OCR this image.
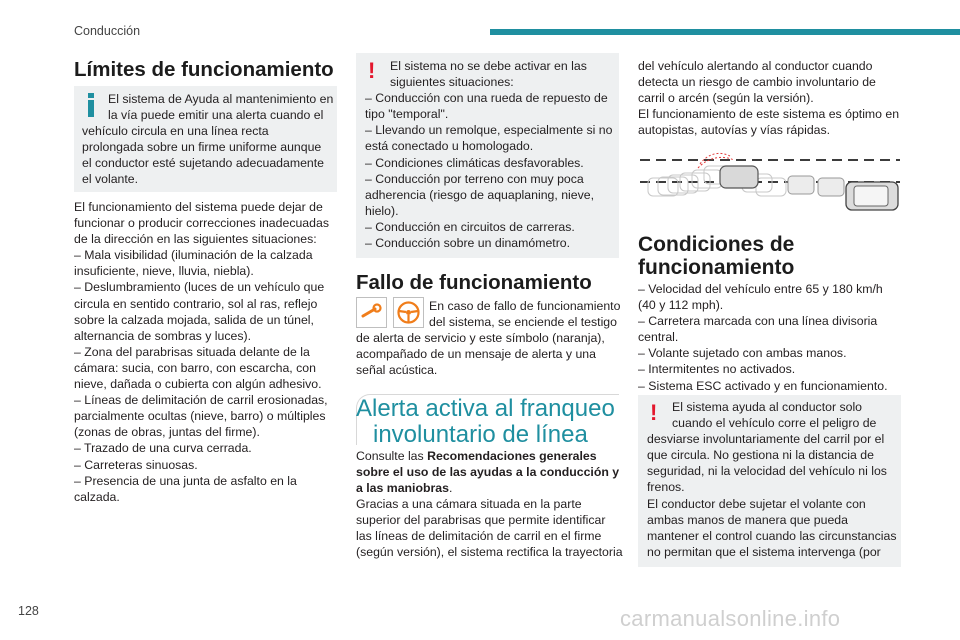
Conducción
Límites de funcionamiento
El sistema de Ayuda al mantenimiento en
la vía puede emitir una alerta cuando el
vehículo circula en una línea recta
prolongada sobre un firme uniforme aunque
el conductor esté sujetando adecuadamente
el volante.
El funcionamiento del sistema puede dejar de
funcionar o producir correcciones inadecuadas
de la dirección en las siguientes situaciones:
– Mala visibilidad (iluminación de la calzada
insuficiente, nieve, lluvia, niebla).
– Deslumbramiento (luces de un vehículo que
circula en sentido contrario, sol al ras, reflejo
sobre la calzada mojada, salida de un túnel,
alternancia de sombras y luces).
– Zona del parabrisas situada delante de la
cámara: sucia, con barro, con escarcha, con
nieve, dañada o cubierta con algún adhesivo.
– Líneas de delimitación de carril erosionadas,
parcialmente ocultas (nieve, barro) o múltiples
(zonas de obras, juntas del firme).
– Trazado de una curva cerrada.
– Carreteras sinuosas.
– Presencia de una junta de asfalto en la
calzada.
!	El sistema no se debe activar en las
siguientes situaciones:
– Conducción con una rueda de repuesto de
tipo "temporal".
– Llevando un remolque, especialmente si no
está conectado u homologado.
– Condiciones climáticas desfavorables.
– Conducción por terreno con muy poca
adherencia (riesgo de aquaplaning, nieve,
hielo).
– Conducción en circuitos de carreras.
– Conducción sobre un dinamómetro.
Fallo de funcionamiento
En caso de fallo de funcionamiento
del sistema, se enciende el testigo
de alerta de servicio y este símbolo (naranja),
acompañado de un mensaje de alerta y una
señal acústica.
Alerta activa al franqueo
involuntario de línea
Consulte las Recomendaciones generales
sobre el uso de las ayudas a la conducción y
a las maniobras.
Gracias a una cámara situada en la parte
superior del parabrisas que permite identificar
las líneas de delimitación de carril en el firme
(según versión), el sistema rectifica la trayectoria
del vehículo alertando al conductor cuando
detecta un riesgo de cambio involuntario de
carril o arcén (según la versión).
El funcionamiento de este sistema es óptimo en
autopistas, autovías y vías rápidas.
Condiciones de
funcionamiento
– Velocidad del vehículo entre 65 y 180 km/h
(40 y 112 mph).
– Carretera marcada con una línea divisoria
central.
– Volante sujetado con ambas manos.
– Intermitentes no activados.
– Sistema ESC activado y en funcionamiento.
!	El sistema ayuda al conductor solo
cuando el vehículo corre el peligro de
desviarse involuntariamente del carril por el
que circula. No gestiona ni la distancia de
seguridad, ni la velocidad del vehículo ni los
frenos.
El conductor debe sujetar el volante con
ambas manos de manera que pueda
mantener el control cuando las circunstancias
no permitan que el sistema intervenga (por
128	carmanualsonline.info
